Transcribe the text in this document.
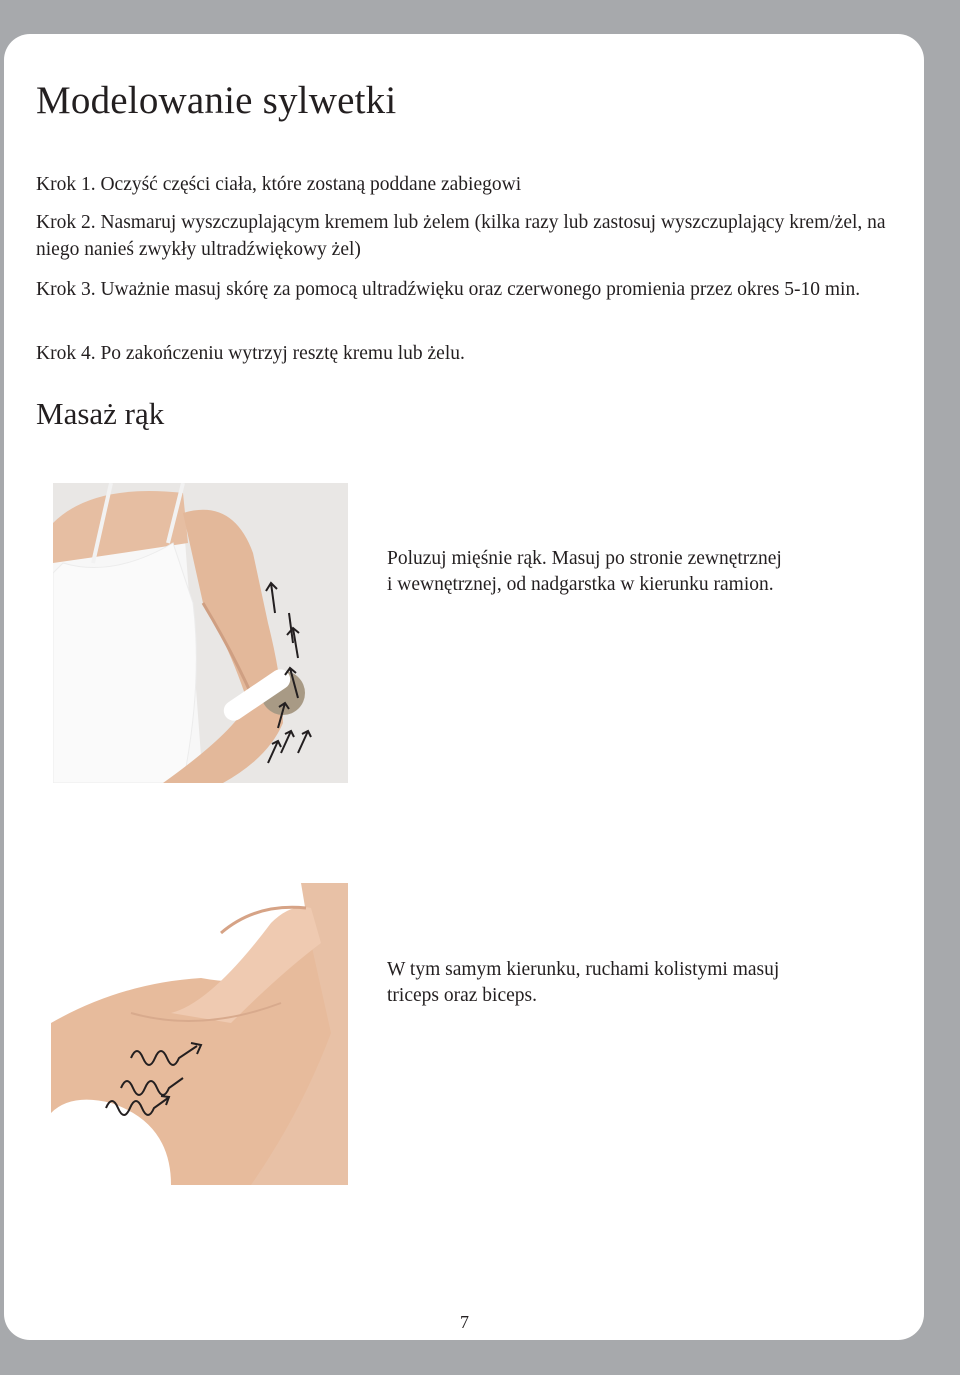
Modelowanie sylwetki

Krok 1. Oczyść części ciała, które zostaną poddane zabiegowi

Krok 2. Nasmaruj wyszczuplającym kremem lub żelem (kilka razy lub zastosuj wyszczuplający krem/żel, na niego nanieś zwykły ultradźwiękowy żel)

Krok 3. Uważnie masuj skórę za pomocą ultradźwięku oraz czerwonego promienia przez okres 5-10 min.

Krok 4. Po zakończeniu wytrzyj resztę kremu lub żelu.

Masaż rąk

Poluzuj mięśnie rąk. Masuj po stronie zewnętrznej i wewnętrznej, od nadgarstka w kierunku ramion.

W tym samym kierunku, ruchami kolistymi masuj triceps oraz biceps.

7
